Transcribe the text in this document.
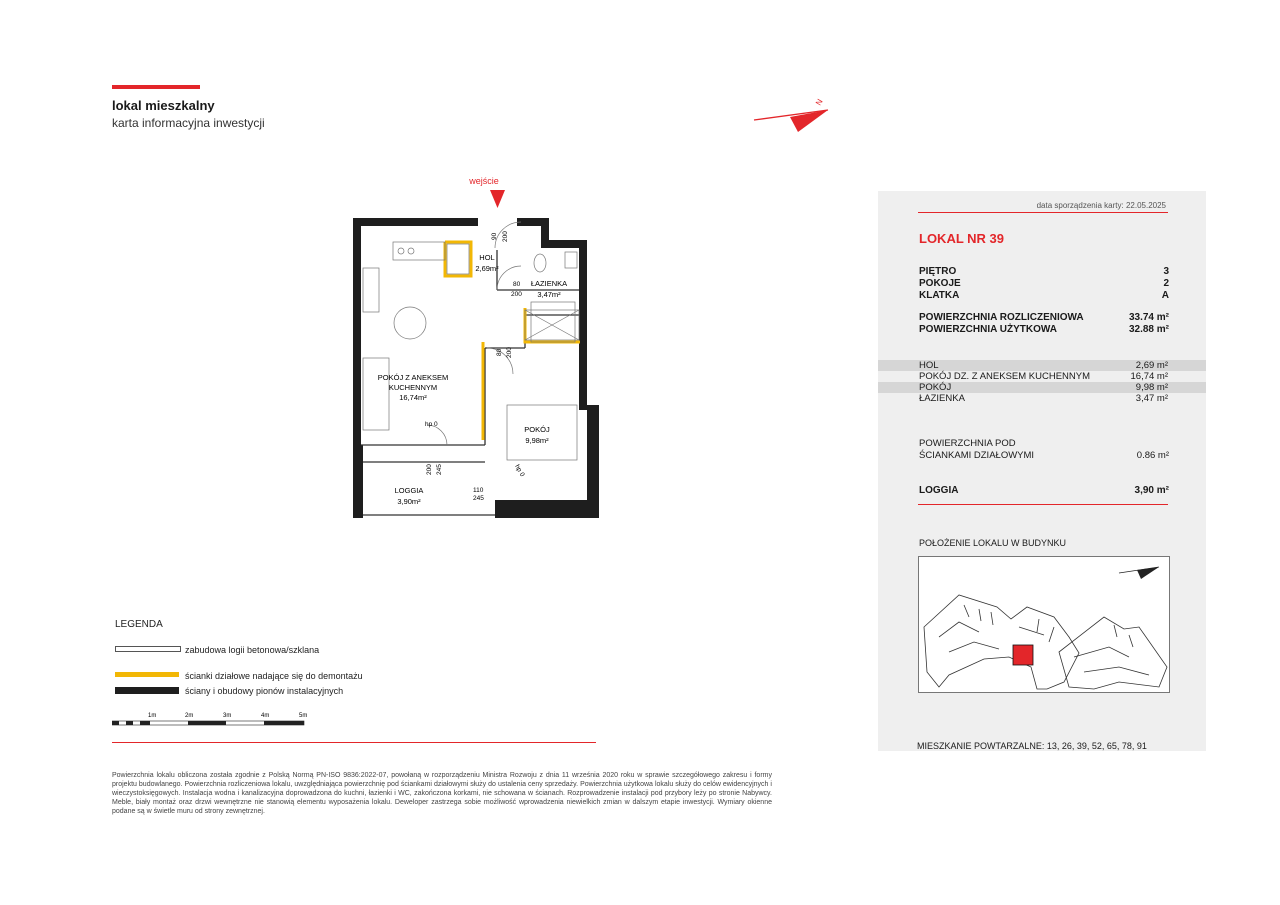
lokal mieszkalny
karta informacyjna inwestycji
N
wejście
HOL
2,69m²
ŁAZIENKA
3,47m²
POKÓJ Z ANEKSEM
KUCHENNYM
16,74m²
POKÓJ
9,98m²
LOGGIA
3,90m²
90 200
80
200
80 200
200 245
110
245
hp 0
hp 0
LEGENDA
zabudowa logii betonowa/szklana
ścianki działowe nadające się do demontażu
ściany i obudowy pionów instalacyjnych
1m	2m	3m	4m	5m
Powierzchnia lokalu obliczona została zgodnie z Polską Normą PN-ISO 9836:2022-07, powołaną w rozporządzeniu Ministra Rozwoju z dnia 11 września 2020 roku w sprawie szczegółowego zakresu i formy projektu budowlanego. Powierzchnia rozliczeniowa lokalu, uwzględniająca powierzchnię pod ściankami działowymi służy do ustalenia ceny sprzedaży. Powierzchnia użytkowa lokalu służy do celów ewidencyjnych i wieczystoksięgowych. Instalacja wodna i kanalizacyjna doprowadzona do kuchni, łazienki i WC, zakończona korkami, nie schowana w ścianach. Rozprowadzenie instalacji pod przybory leży po stronie Nabywcy. Meble, biały montaż oraz drzwi wewnętrzne nie stanowią elementu wyposażenia lokalu. Deweloper zastrzega sobie możliwość wprowadzenia niewielkich zmian w dalszym etapie inwestycji. Wymiary okienne podane są w świetle muru od strony zewnętrznej.
data sporządzenia karty: 22.05.2025
LOKAL NR 39
PIĘTRO	3
POKOJE	2
KLATKA	A
POWIERZCHNIA ROZLICZENIOWA	33.74 m²
POWIERZCHNIA UŻYTKOWA	32.88 m²
HOL	2,69 m²
POKÓJ DZ. Z ANEKSEM KUCHENNYM	16,74 m²
POKÓJ	9,98 m²
ŁAZIENKA	3,47 m²
POWIERZCHNIA POD
ŚCIANKAMI DZIAŁOWYMI	0.86 m²
LOGGIA	3,90 m²
POŁOŻENIE LOKALU W BUDYNKU
MIESZKANIE POWTARZALNE: 13, 26, 39, 52, 65, 78, 91
